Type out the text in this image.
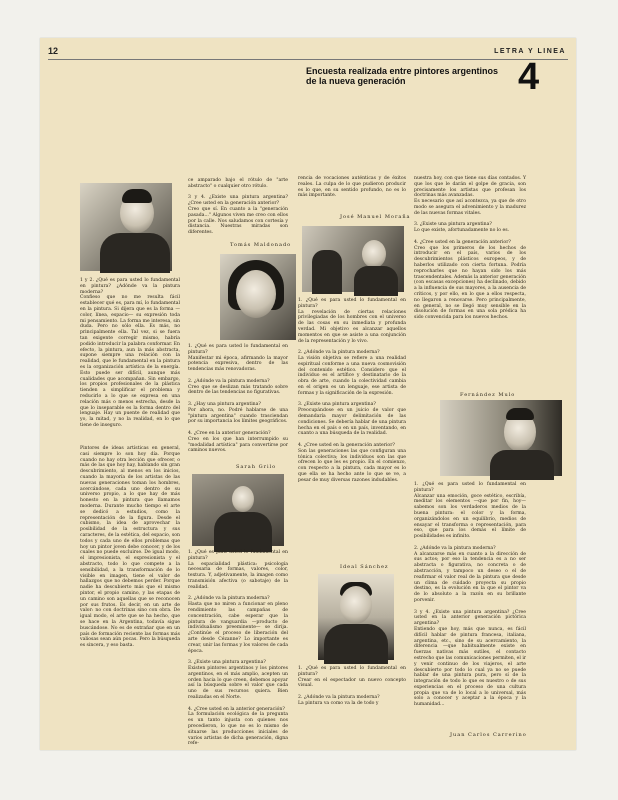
12	LETRA Y LINEA
Encuesta realizada entre pintores argentinos de la nueva generación	4
1 y 2. ¿Qué es para usted lo fundamental en pintura? ¿Adónde va la pintura moderna?
Confieso que no me resulta fácil establecer qué es, para mí, lo fundamental en la pintura. Si dijera que es la forma —color, línea, espacio— su expresión toda mi pensamiento. La forma me interesa, sin duda. Pero no sólo ella. Es más, no principalmente ella. Tal vez, si se fuera tan exigente corregir mismo, habría podido introducir la palabra conformar. En efecto, la pintura, aun la más abstracta, supone siempre una relación con la realidad, que le fundamental en la pintura es la organización artística de la energía. Esto puede ser difícil, aunque más cualidades que acompañan. Sin embargo, los propios profesionales de la plástica tienden a simplificar el problema y reducirlo a lo que se expresa en una relación más o menos estrecha, desde la que lo inseparable es la forma dentro del lenguaje. Hay un puente de realidad que yo, la mitad, y no la realidad, en lo que tiene de inseguro.
Pintores de ideas artísticas en general, casi siempre lo son hoy día. Porque cuando no hay otra lección que ofrecer, o más de las que hoy hay, hablando sin gran descubrimiento, al menos en los inicios, cuando la mayoría de los artistas de las nuevas generaciones toman los hombres, acercándose, cada uno dentro de su universo propio, a lo que hay de más honesto en la pintura que llamamos moderna. Durante mucho tiempo el arte se dedicó a estudios, como la representación de la figura. Desde el cubismo, la idea de aprovechar la posibilidad de la estructura y sus caracteres, de la estética, del espacio, son todos y cada uno de ellos problemas que hoy un pintor joven debe conocer, y de los cuales no puede excluirse. De igual modo, el impresionista, el expresionista y el abstracto, todo lo que compete a la sensibilidad, a la transformación de lo visible en imagen, tiene el valor de hallazgos que no debemos perder. Porque nadie ha descubierto más que el mismo pintor, el propio camino, y las etapas de un camino son aquellas que se reconocen por sus frutos. Es decir, en un arte de valor: no con doctrinas sino con obra. De igual modo, el arte que se ha hecho, que se hace en la Argentina, todavía sigue buscándose. No es de extrañar que en un país de formación reciente las formas más valiosas sean aún pocas. Pero la búsqueda es sincera, y eso basta.
ce amparado bajo el rótulo de "arte abstracto" o cualquier otro rótulo.

3 y 4. ¿Existe una pintura argentina? ¿Cree usted en la generación anterior?
Creo que sí. En cuanto a la "generación pasada..." Algunos viven me creo con ellos por la calle. Nos saludamos con cortesía y distancia. Nuestras miradas son diferentes.
Tomás Maldonado
1. ¿Qué es para usted lo fundamental en pintura?
Manifestar mi época, afirmando la mayor potencia expresiva, dentro de las tendencias más renovadoras.

2. ¿Adónde va la pintura moderna?
Creo que se deslizan más tratando sobre dentro de las tendencias no figurativas.

3. ¿Hay una pintura argentina?
Por ahora, no. Podré hablarse de una "pintura argentina" cuando trasciendan por su importancia los límites geográficos.

4. ¿Cree en la anterior generación?
Creo en los que han interrumpido su "modalidad artística" para convertirse por caminos nuevos.
Sarah Grilo
1. ¿Qué es para usted lo fundamental en pintura?
La espacialidad plástica: psicología necesaria de formas, valores, color, textura. Y, adjetivamente, la imagen como transmisión afectiva (o sabotaje) de la realidad.

2. ¿Adónde va la pintura moderna?
Hasta que no miren a funcionar en pleno rendimiento las campañas de concentración, cabe esperar que la pintura de vanguardia —producto de individualismo preeminente— se dirija. ¿Continúe el proceso de liberación del arte desde Cézanne? Lo importante es crear, unir las formas y los valores de cada época.

3. ¿Existe una pintura argentina?
Existen pintores argentinos y los pintores argentinos, en el más amplio, acepten un orden hacia lo que creen, debemos apoyar así la búsqueda sobre el valor que cada uno de sus recursos quiera. Bien realizadas en el Norte.

4. ¿Cree usted en la anterior generación?
La formulación ecológica de la pregunta es un tanto injusta con quienes nos precedieron, lo que no es lo mismo de situarse las producciones iniciales de varios artistas de dicha generación, digna refe-
rencia de vocaciones auténticas y de éxitos reales. La culpa de lo que pudieron producir es lo que, en su sentido profundo, no es lo más importante.
José Manuel Moraña
1. ¿Qué es para usted lo fundamental en pintura?
La revelación de ciertas relaciones privilegiadas de los hombres con el universo de las cosas en su inmediata y profunda verdad. Mi objetivo es alcanzar aquellos momentos en que se asiste a una conjunción de la representación y lo vivo.

2. ¿Adónde va la pintura moderna?
La visión objetiva se refiere a una realidad espiritual conforme a una nueva cosmovisión del contenido estético. Considero que el individuo es el artífice y destinatario de la obra de arte, cuando la colectividad cambia en el origen es un lenguaje, ese artista de formas y la significación de la expresión.

3. ¿Existe una pintura argentina?
Preocupándose en un juicio de valor que demandaría mayor delimitación de las condiciones. Se debería hablar de una pintura hecha en el país o en un país, inventando, en cuanto a una búsqueda de la realidad.

4. ¿Cree usted en la generación anterior?
Son las generaciones las que configuran una tónica colectiva; los individuos son las que ofrecen lo que les es propio. En el comienzo, con respecto a la pintura, cada mayor es lo que ella se ha hecho ante lo que se ve, a pesar de muy diversas razones indudables.
Ideal Sánchez
1. ¿Qué es para usted lo fundamental en pintura?
Crear en el espectador un nuevo concepto visual.

2. ¿Adónde va la pintura moderna?
La pintura va como va la de todo y
nuestra hoy, con que tiene sus días contados. Y que los que le darán el golpe de gracia, son precisamente los artistas que profesan los doctrinas más avanzadas.
Es necesario que así acontezca, ya que de otro modo se asegura el advenimiento y la madurez de las nuevas formas vitales.

3. ¿Existe una pintura argentina?
Lo que existe, afortunadamente no lo es.

4. ¿Cree usted en la generación anterior?
Creo que los primeros de los hechos de introducir en el país, varios de los descubrimientos plásticos europeos, y de haberlos utilizado con cierta fortuna. Podría reprocharles que no hayan sido los más trascendentales. Además la anterior generación (con escasas excepciones) ha declinado, debido a la influencia de sus mayores, a la ausencia de críticos, y por ello, en lo que a ellos respecta, no llegaron a renovarse. Pero principalmente, en general, no se llegó muy sensible en la disolución de formas en una sola prédica ha sido convencida para los nuevos hechos.
Fernández Mulo
1. ¿Qué es para usted lo fundamental en pintura?
Alcanzar una emoción, goce estético, escribía, meditar los elementos —que por fin, hoy— sabemos son los verdaderos medios de la buena pintura: el color y la forma, organizándolos en un equilibrio, medios de ensayar el transforma o representación, para eso, que para los demás el límite de posibilidades es infinito.

2. ¿Adónde va la pintura moderna?
A alcanzarse más en cuanto a la dirección de sus actos; por eso la tendencia es a no ser abstracta o figurativa, no concreta o de abstracción, y tampoco un deseo o el de reafirmar el valor real de la pintura que desde un clima de cuidado proyecta su propio destino, es la evolución en la que el pintor va de lo absoluto a la razón en su brillante porvenir.

3 y 4. ¿Existe una pintura argentina? ¿Cree usted en la anterior generación pictórica argentina?
Entiendo que hoy, más que nunca, es fácil difícil hablar de pintura francesa, italiana, argentina, etc., sino de su acercamiento, la diferencia —que habitualmente existe en fuerzas nativas más sutiles, el contacto estrecho que las comunicaciones permiten, el ir y venir continuo de los viajeros, el arte descubierto por todo lo cual ya no se puede hablar de una pintura pura, pero sí de la integración de todo lo que es nuestro o de sus experiencias en el proceso de una cultura propia que va de lo local a lo universal, más solo a conocer y aceptar a la época y la humanidad...
Juan Carlos Carrerino
